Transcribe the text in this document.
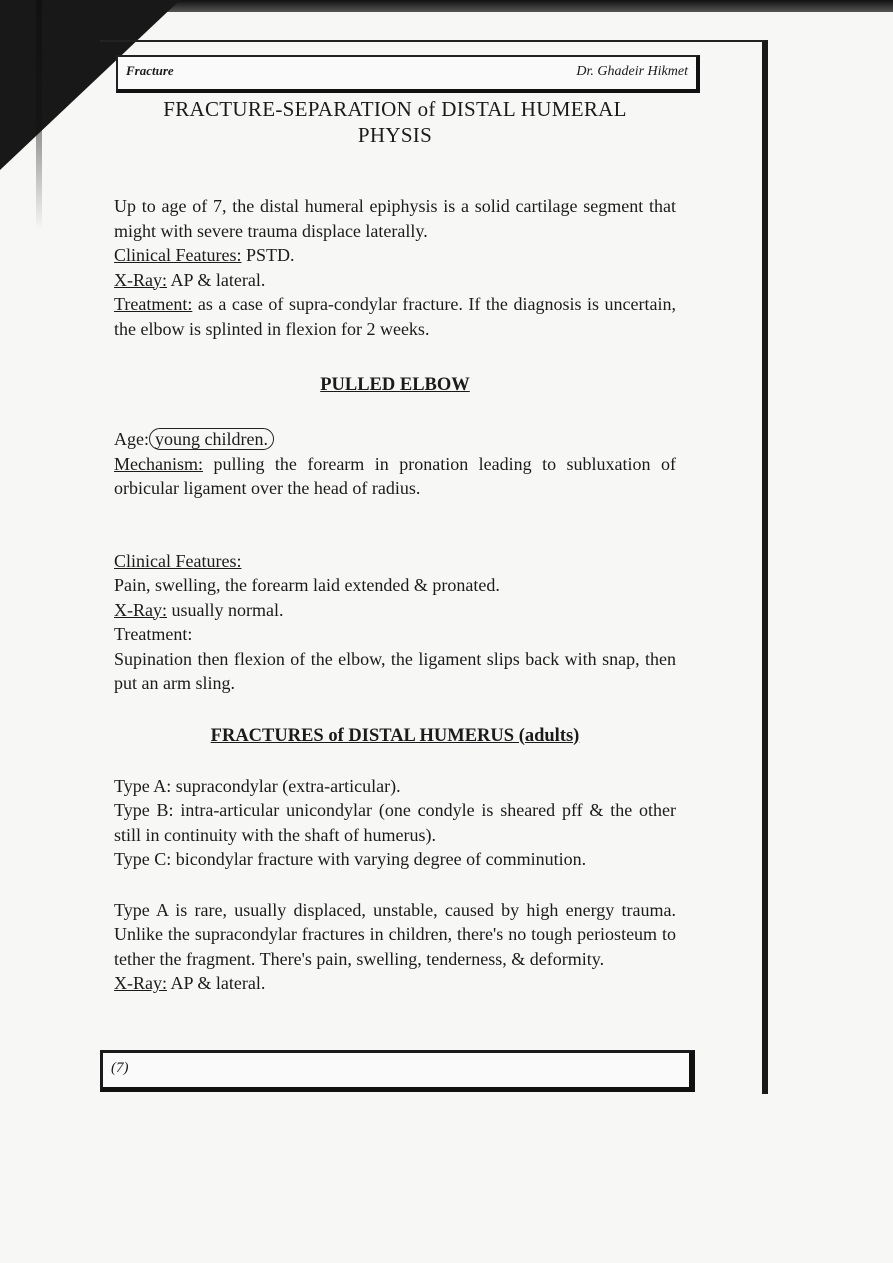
Fracture	Dr. Ghadeir Hikmet
FRACTURE-SEPARATION of DISTAL HUMERAL
PHYSIS

Up to age of 7, the distal humeral epiphysis is a solid cartilage segment that might with severe trauma displace laterally.

Clinical Features: PSTD.

X-Ray: AP & lateral.

Treatment: as a case of supra-condylar fracture. If the diagnosis is uncertain, the elbow is splinted in flexion for 2 weeks.

PULLED ELBOW

Age: young children.

Mechanism: pulling the forearm in pronation leading to subluxation of orbicular ligament over the head of radius.

Clinical Features:

Pain, swelling, the forearm laid extended & pronated.

X-Ray: usually normal.

Treatment:

Supination then flexion of the elbow, the ligament slips back with snap, then put an arm sling.

FRACTURES of DISTAL HUMERUS (adults)

Type A: supracondylar (extra-articular).

Type B: intra-articular unicondylar (one condyle is sheared pff & the other still in continuity with the shaft of humerus).

Type C: bicondylar fracture with varying degree of comminution.

Type A is rare, usually displaced, unstable, caused by high energy trauma. Unlike the supracondylar fractures in children, there's no tough periosteum to tether the fragment. There's pain, swelling, tenderness, & deformity.

X-Ray: AP & lateral.

(7)
